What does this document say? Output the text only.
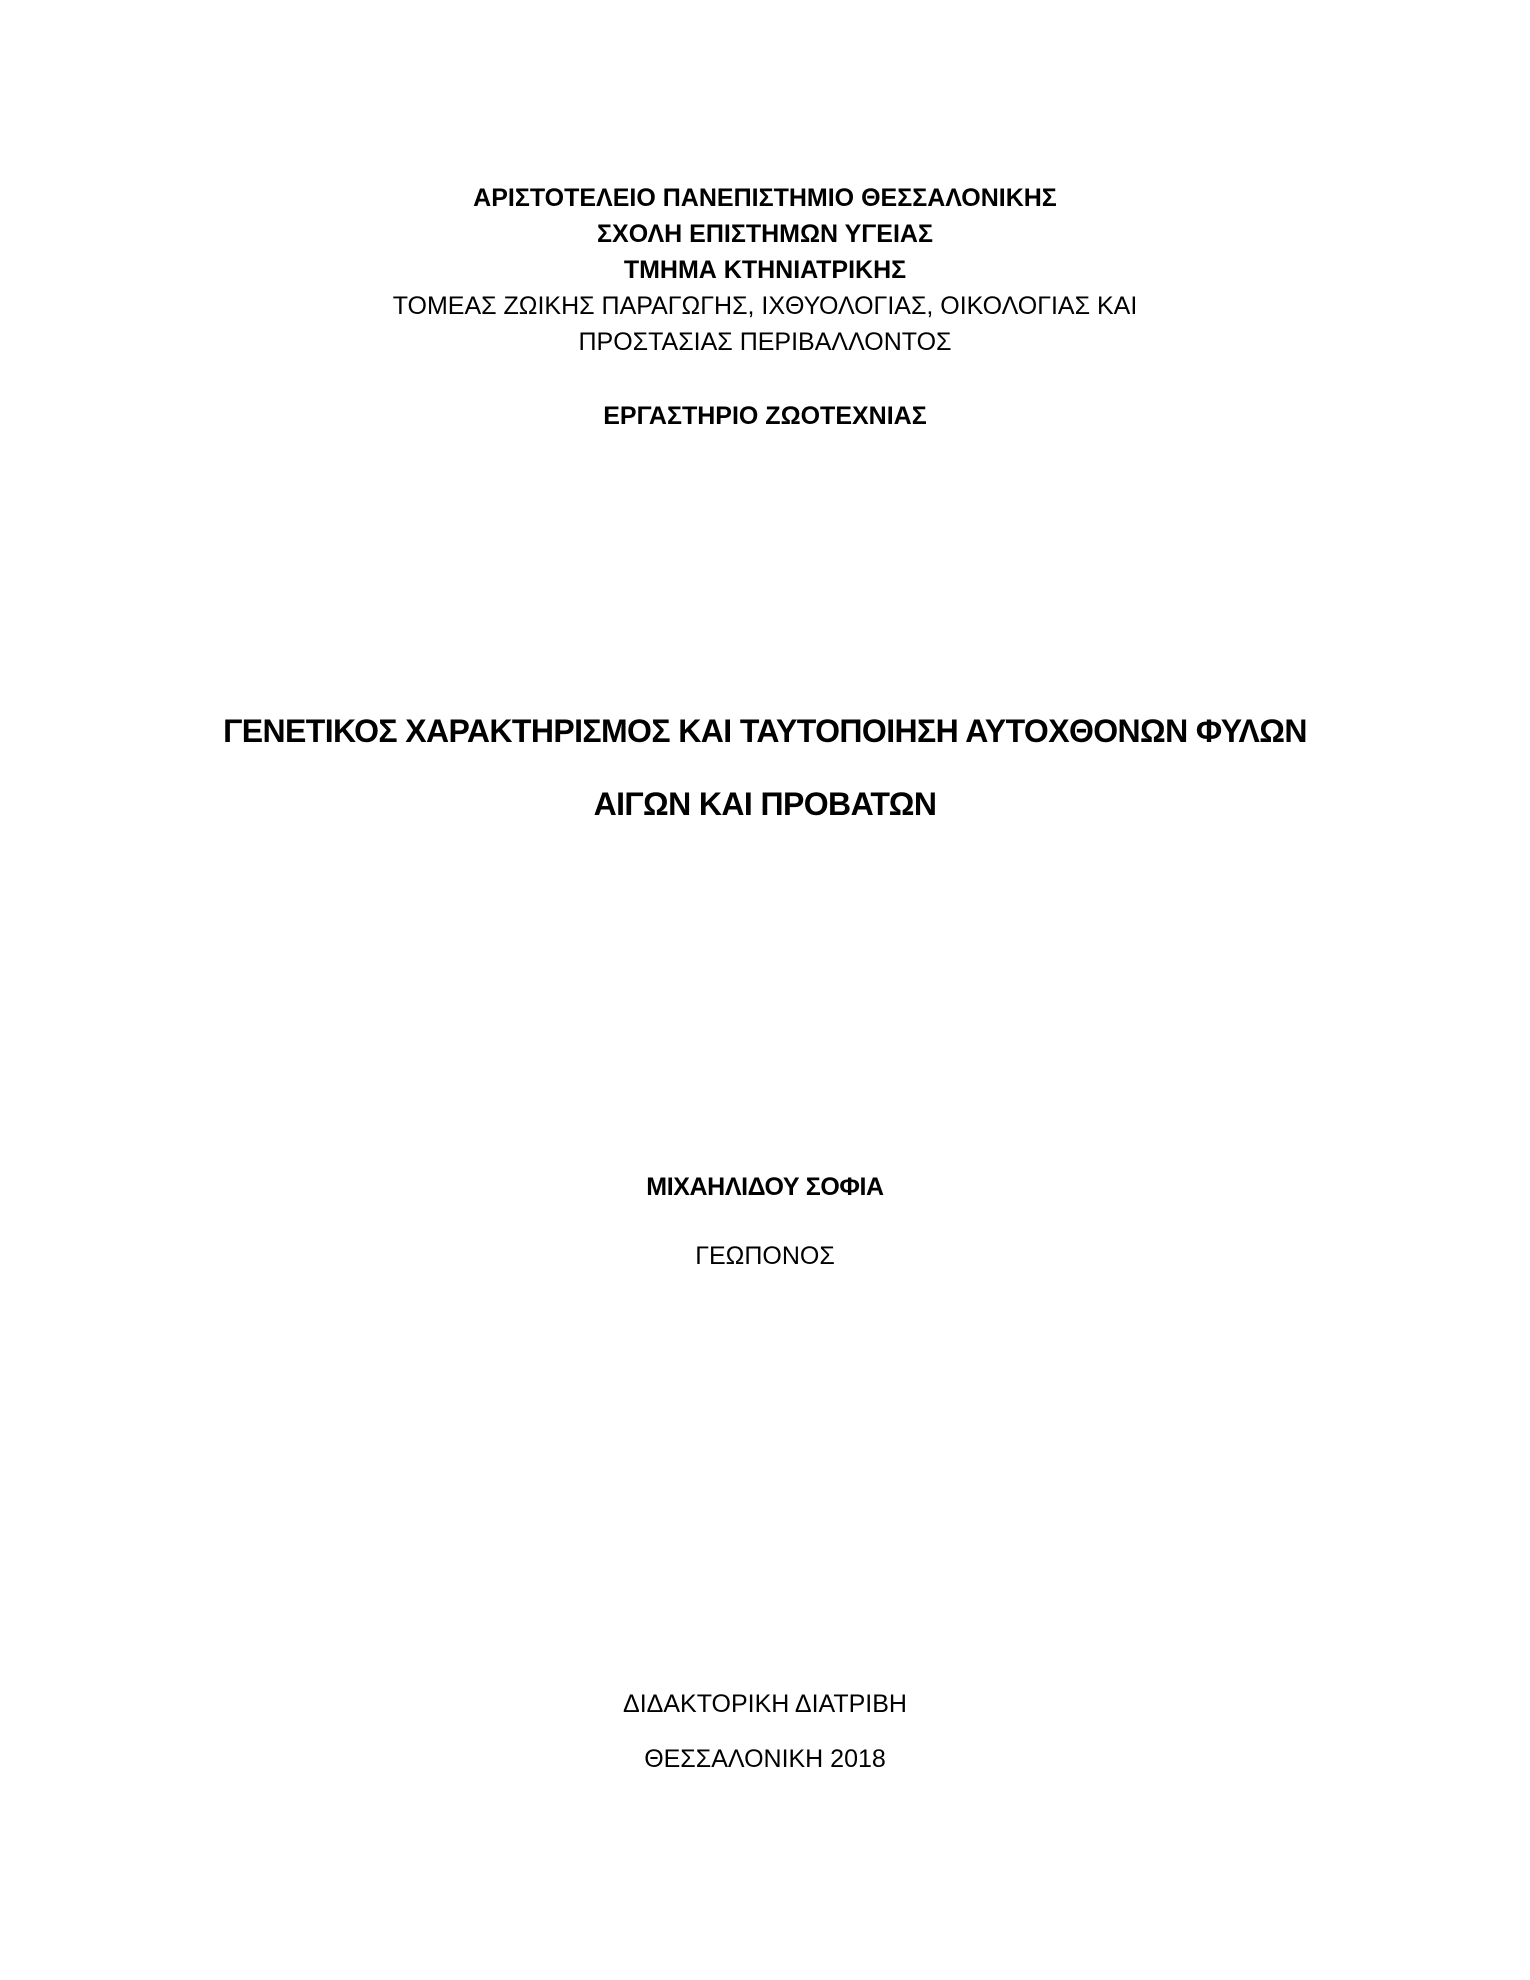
ΑΡΙΣΤΟΤΕΛΕΙΟ ΠΑΝΕΠΙΣΤΗΜΙΟ ΘΕΣΣΑΛΟΝΙΚΗΣ
ΣΧΟΛΗ ΕΠΙΣΤΗΜΩΝ ΥΓΕΙΑΣ
ΤΜΗΜΑ ΚΤΗΝΙΑΤΡΙΚΗΣ
ΤΟΜΕΑΣ ΖΩΙΚΗΣ ΠΑΡΑΓΩΓΗΣ, ΙΧΘΥΟΛΟΓΙΑΣ, ΟΙΚΟΛΟΓΙΑΣ ΚΑΙ
ΠΡΟΣΤΑΣΙΑΣ ΠΕΡΙΒΑΛΛΟΝΤΟΣ
ΕΡΓΑΣΤΗΡΙΟ ΖΩΟΤΕΧΝΙΑΣ
ΓΕΝΕΤΙΚΟΣ ΧΑΡΑΚΤΗΡΙΣΜΟΣ ΚΑΙ ΤΑΥΤΟΠΟΙΗΣΗ ΑΥΤΟΧΘΟΝΩΝ ΦΥΛΩΝ
ΑΙΓΩΝ ΚΑΙ ΠΡΟΒΑΤΩΝ
ΜΙΧΑΗΛΙΔΟΥ ΣΟΦΙΑ
ΓΕΩΠΟΝΟΣ
ΔΙΔΑΚΤΟΡΙΚΗ ΔΙΑΤΡΙΒΗ
ΘΕΣΣΑΛΟΝΙΚΗ 2018
